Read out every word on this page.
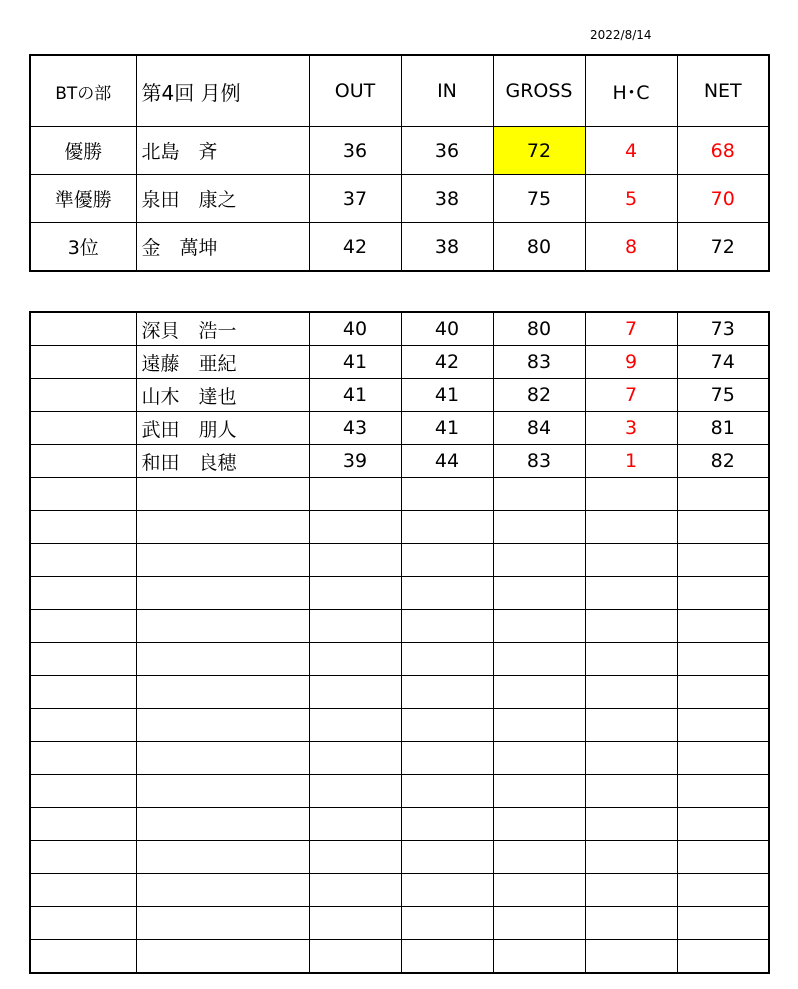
2022/8/14
BTの部	第4回 月例	OUT	IN	GROSS	H･C	NET
優勝	北島　斉	36	36	72	4	68
準優勝	泉田　康之	37	38	75	5	70
3位	金　萬坤	42	38	80	8	72
	深貝　浩一	40	40	80	7	73
	遠藤　亜紀	41	42	83	9	74
	山木　達也	41	41	82	7	75
	武田　朋人	43	41	84	3	81
	和田　良穂	39	44	83	1	82
